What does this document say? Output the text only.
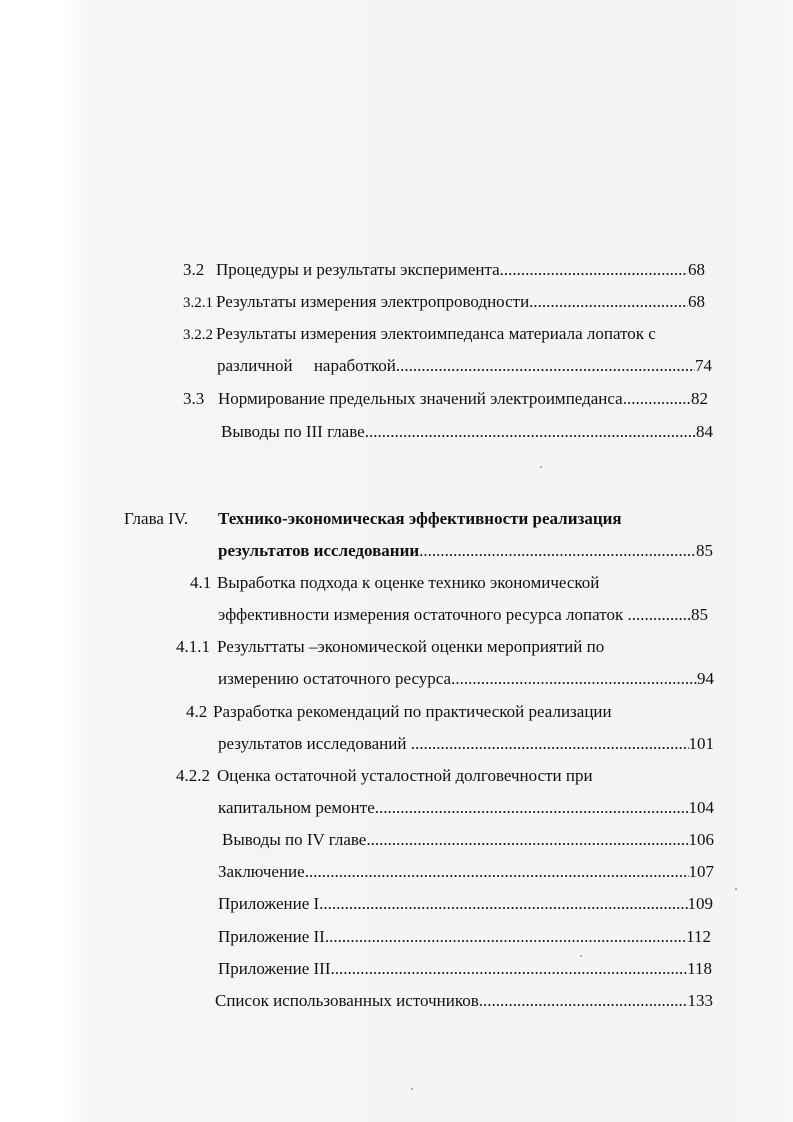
3.2 Процедуры и результаты эксперимента .....	68
3.2.1 Результаты измерения электропроводности .....	68
3.2.2 Результаты измерения электоимпеданса материала лопаток с
различной     наработкой .....	74
3.3 Нормирование предельных значений электроимпеданса .....	82
Выводы по III главе .....	84
Глава IV.	Технико-экономическая эффективности реализация
результатов исследовании .....	85
4.1 Выработка подхода к оценке технико экономической
эффективности измерения остаточного ресурса лопаток .....	85
4.1.1 Результтаты –экономической оценки мероприятий по
измерению остаточного ресурса .....	94
4.2 Разработка рекомендаций по практической реализации
результатов исследований .....	101
4.2.2 Оценка остаточной усталостной долговечности при
капитальном ремонте .....	104
Выводы по IV главе .....	106
Заключение .....	107
Приложение I .....	109
Приложение II .....	112
Приложение III .....	118
Список использованных источников .....	133
